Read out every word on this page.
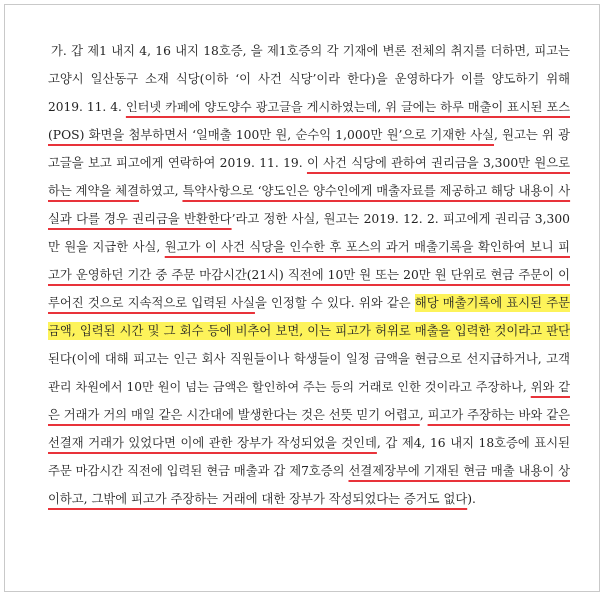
가. 갑 제1 내지 4, 16 내지 18호증, 을 제1호증의 각 기재에 변론 전체의 취지를 더하면, 피고는
고양시 일산동구 소재 식당(이하 ‘이 사건 식당’이라 한다)을 운영하다가 이를 양도하기 위해
2019. 11. 4. 인터넷 카페에 양도양수 광고글을 게시하였는데, 위 글에는 하루 매출이 표시된 포스
(POS) 화면을 첨부하면서 ‘일매출 100만 원, 순수익 1,000만 원’으로 기재한 사실, 원고는 위 광
고글을 보고 피고에게 연락하여 2019. 11. 19. 이 사건 식당에 관하여 권리금을 3,300만 원으로
하는 계약을 체결하였고, 특약사항으로 ‘양도인은 양수인에게 매출자료를 제공하고 해당 내용이 사
실과 다를 경우 권리금을 반환한다’라고 정한 사실, 원고는 2019. 12. 2. 피고에게 권리금 3,300
만 원을 지급한 사실, 원고가 이 사건 식당을 인수한 후 포스의 과거 매출기록을 확인하여 보니 피
고가 운영하던 기간 중 주문 마감시간(21시) 직전에 10만 원 또는 20만 원 단위로 현금 주문이 이
루어진 것으로 지속적으로 입력된 사실을 인정할 수 있다. 위와 같은 해당 매출기록에 표시된 주문
금액, 입력된 시간 및 그 회수 등에 비추어 보면, 이는 피고가 허위로 매출을 입력한 것이라고 판단
된다(이에 대해 피고는 인근 회사 직원들이나 학생들이 일정 금액을 현금으로 선지급하거나, 고객
관리 차원에서 10만 원이 넘는 금액은 할인하여 주는 등의 거래로 인한 것이라고 주장하나, 위와 같
은 거래가 거의 매일 같은 시간대에 발생한다는 것은 선뜻 믿기 어렵고, 피고가 주장하는 바와 같은
선결재 거래가 있었다면 이에 관한 장부가 작성되었을 것인데, 갑 제4, 16 내지 18호증에 표시된
주문 마감시간 직전에 입력된 현금 매출과 갑 제7호증의 선결제장부에 기재된 현금 매출 내용이 상
이하고, 그밖에 피고가 주장하는 거래에 대한 장부가 작성되었다는 증거도 없다).
